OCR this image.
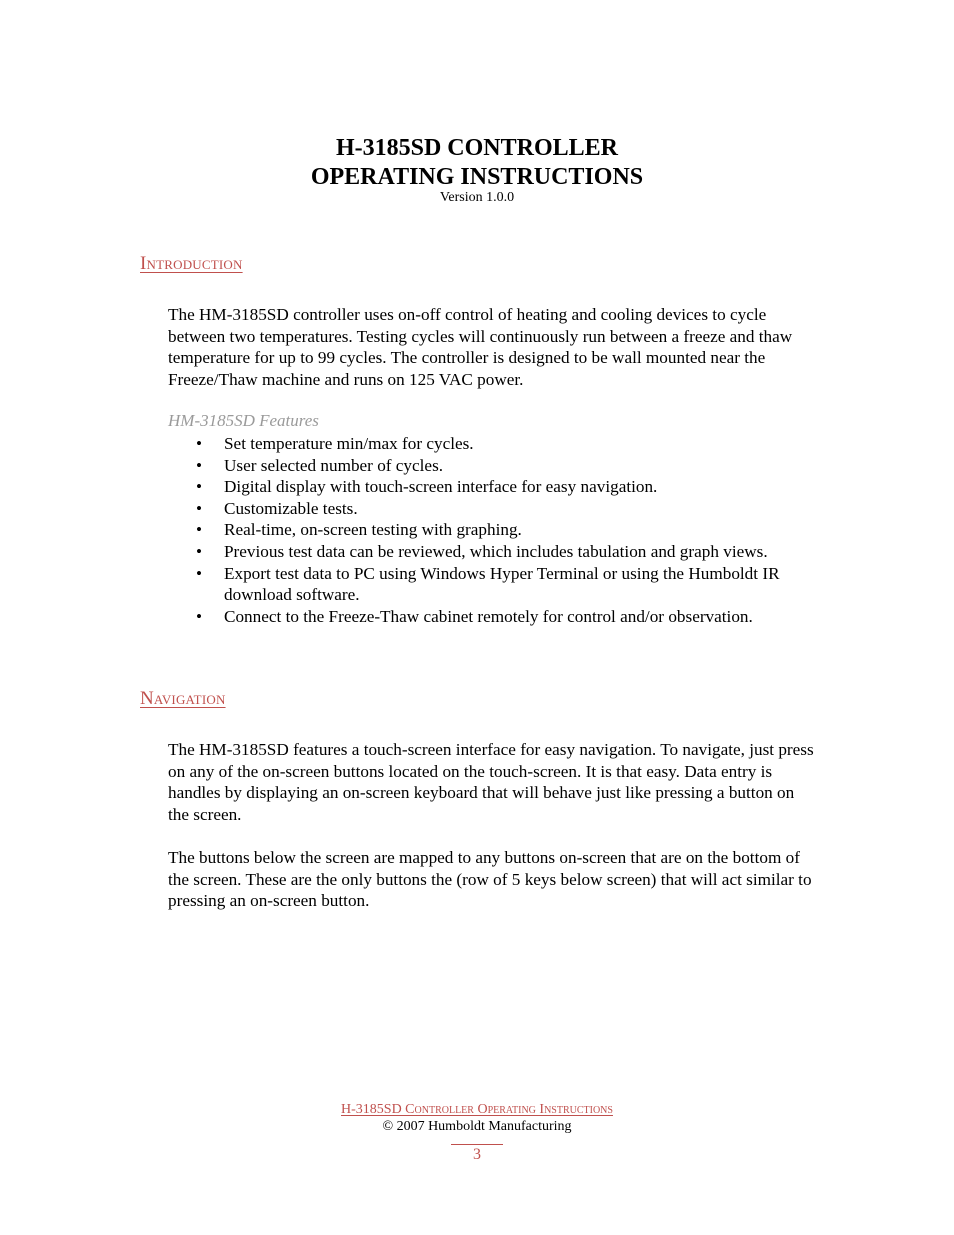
H-3185SD CONTROLLER
OPERATING INSTRUCTIONS
Version 1.0.0
Introduction
The HM-3185SD controller uses on-off control of heating and cooling devices to cycle between two temperatures. Testing cycles will continuously run between a freeze and thaw temperature for up to 99 cycles. The controller is designed to be wall mounted near the Freeze/Thaw machine and runs on 125 VAC power.
HM-3185SD Features
• Set temperature min/max for cycles.
• User selected number of cycles.
• Digital display with touch-screen interface for easy navigation.
• Customizable tests.
• Real-time, on-screen testing with graphing.
• Previous test data can be reviewed, which includes tabulation and graph views.
• Export test data to PC using Windows Hyper Terminal or using the Humboldt IR download software.
• Connect to the Freeze-Thaw cabinet remotely for control and/or observation.
Navigation
The HM-3185SD features a touch-screen interface for easy navigation. To navigate, just press on any of the on-screen buttons located on the touch-screen. It is that easy. Data entry is handles by displaying an on-screen keyboard that will behave just like pressing a button on the screen.
The buttons below the screen are mapped to any buttons on-screen that are on the bottom of the screen. These are the only buttons the (row of 5 keys below screen) that will act similar to pressing an on-screen button.
H-3185SD Controller Operating Instructions
© 2007 Humboldt Manufacturing
3
